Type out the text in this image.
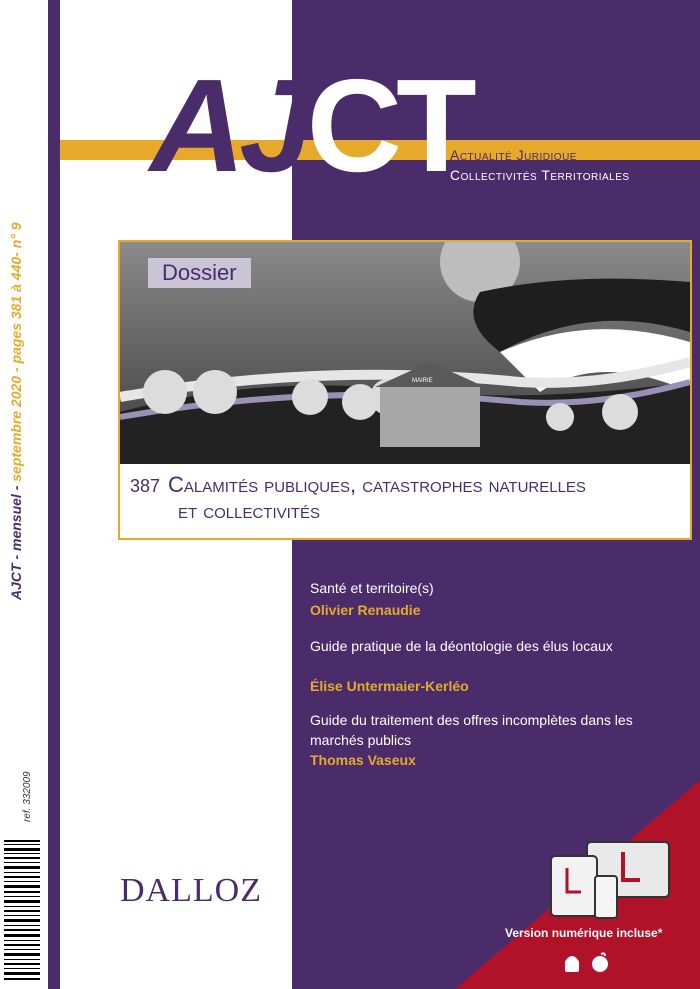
AJCT - mensuel - septembre 2020 - pages 381 à 440- n° 9
ref. 332009
AJCT
Actualité Juridique
Collectivités Territoriales
MAIRIE
Dossier
387 Calamités publiques, catastrophes naturelles
et collectivités
412	Santé et territoire(s)
Olivier Renaudie
416	Guide pratique de la déontologie des élus locaux
Élise Untermaier-Kerléo
421	Guide du traitement des offres incomplètes dans les marchés publics
Thomas Vaseux
DALLOZ
Version numérique incluse*
